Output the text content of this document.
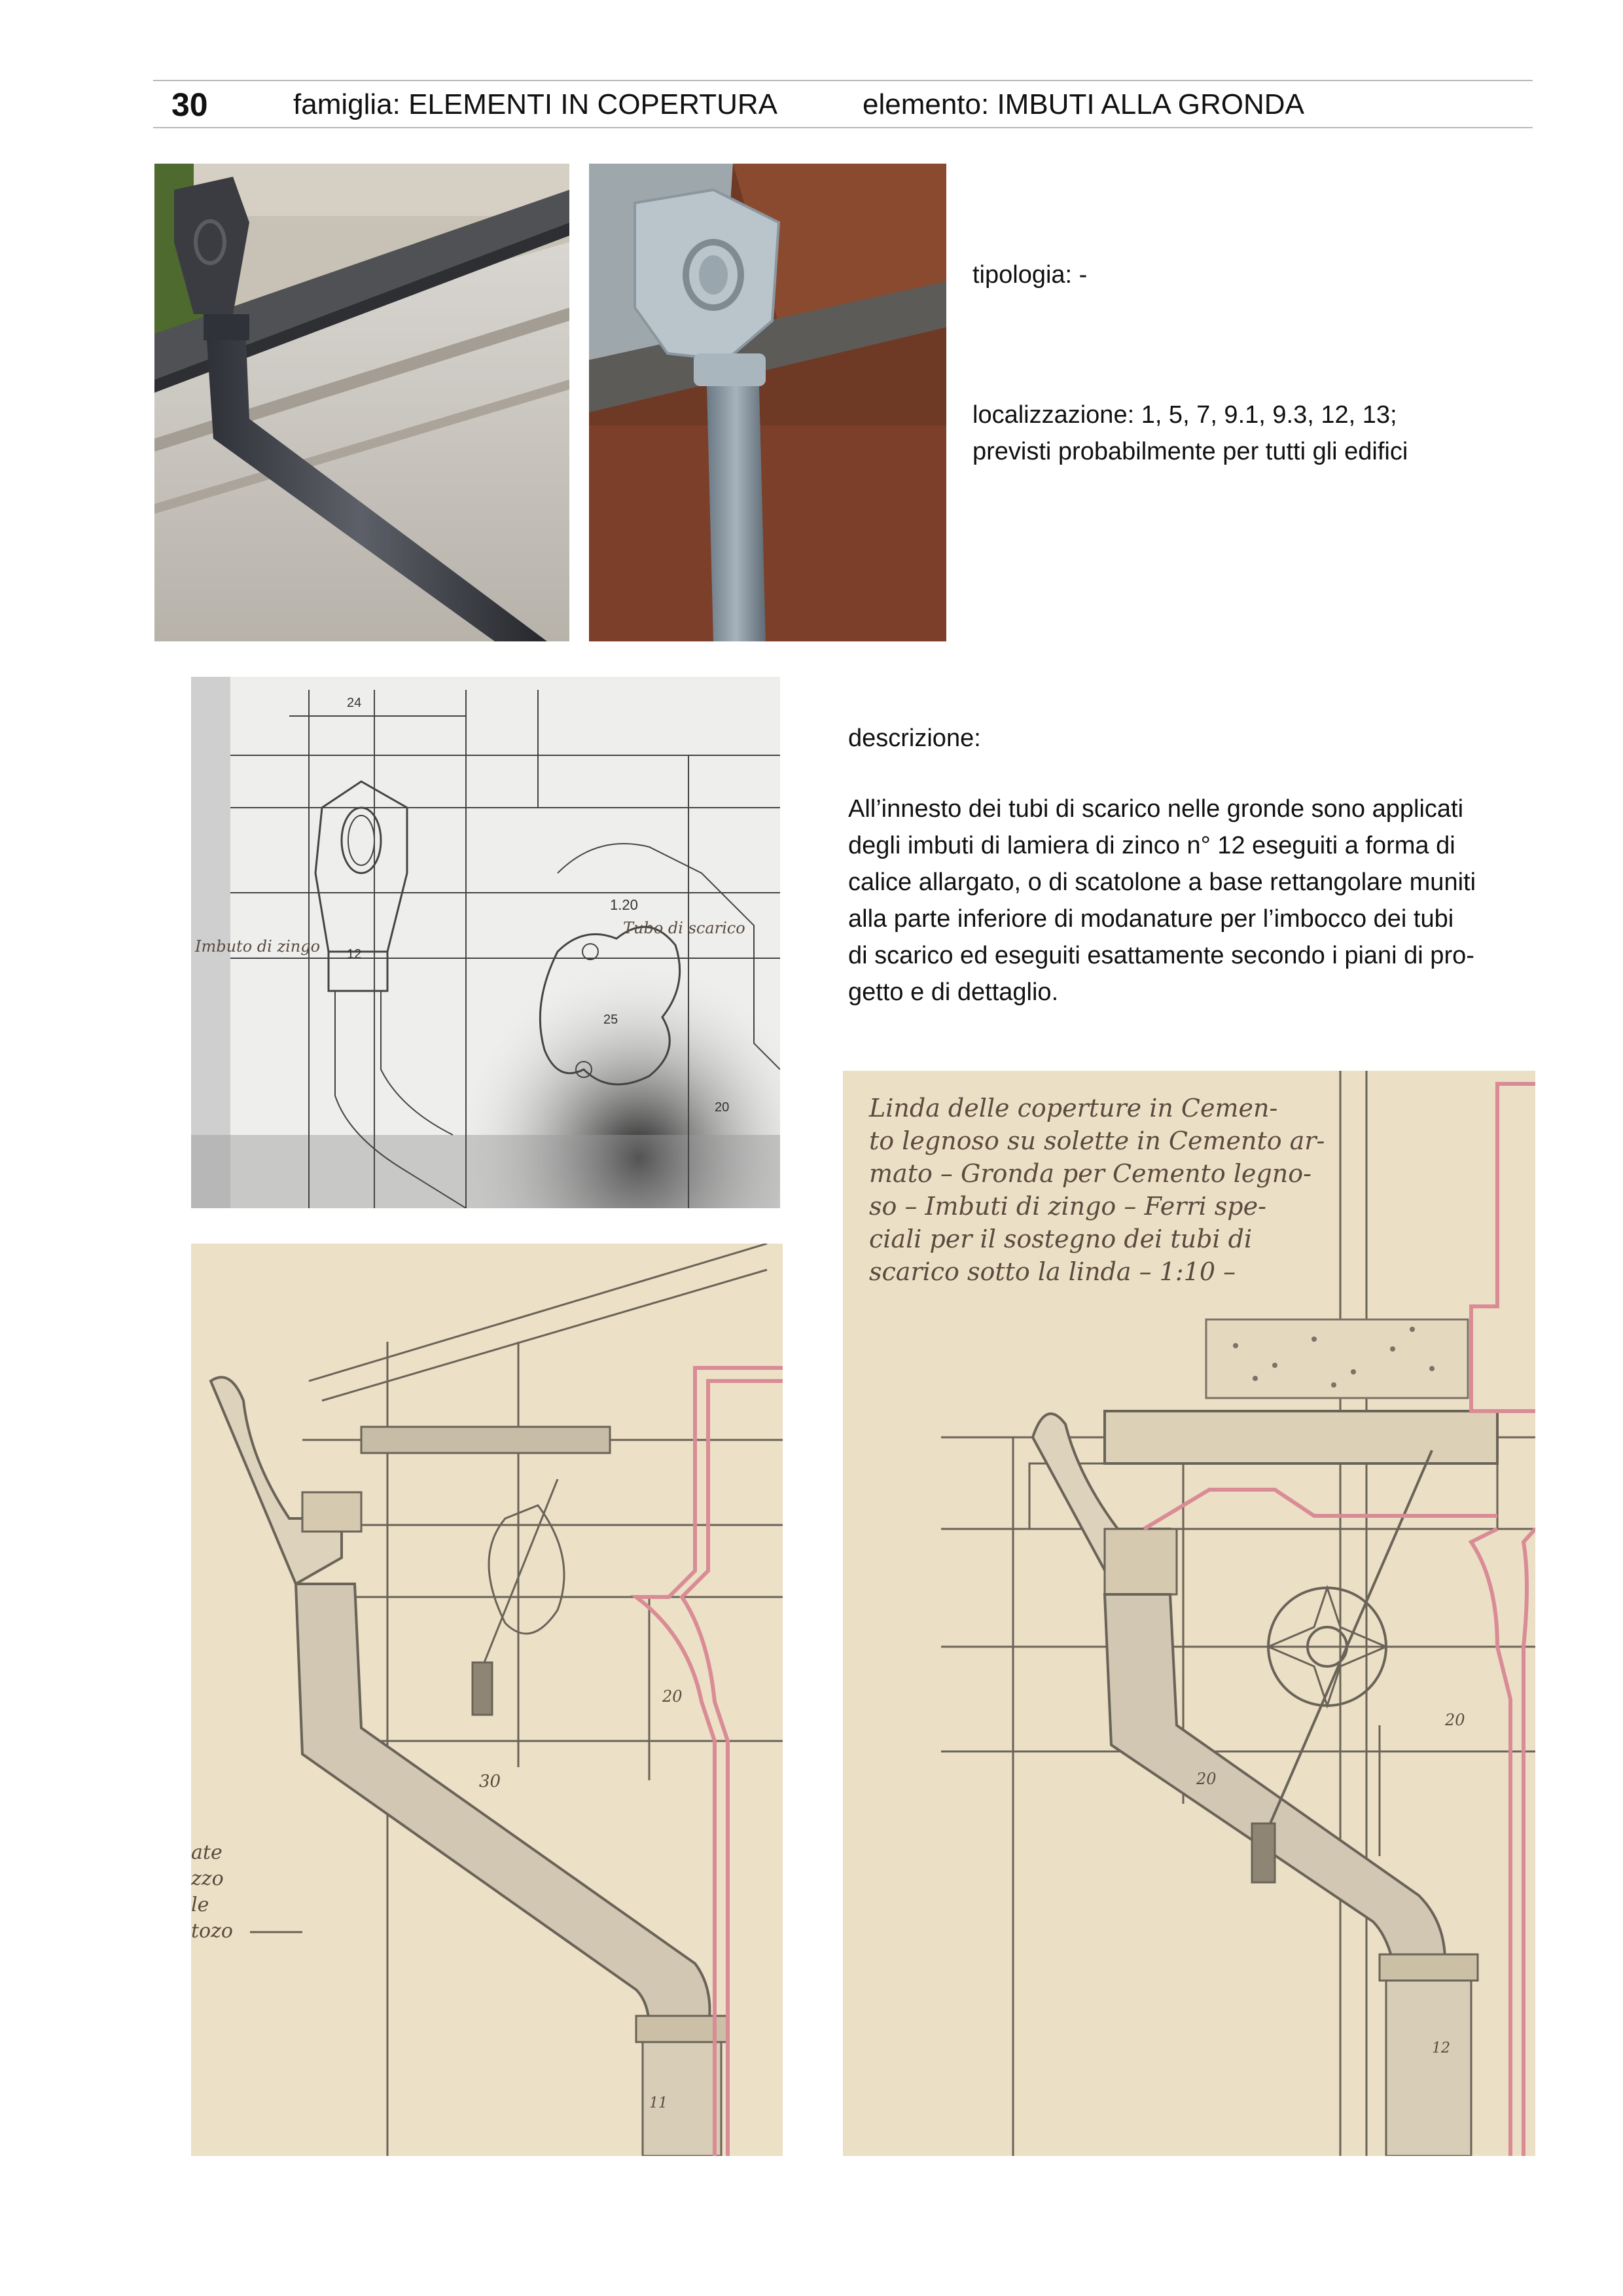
30	famiglia: ELEMENTI IN COPERTURA	elemento: IMBUTI ALLA GRONDA
tipologia: -
localizzazione: 1, 5, 7, 9.1, 9.3, 12, 13;
previsti probabilmente per tutti gli edifici
24
1.20
Tubo di scarico
Imbuto di zingo 12
25
20
descrizione:
All’innesto dei tubi di scarico nelle gronde sono applicati
degli imbuti di lamiera di zinco n° 12 eseguiti a forma di
calice allargato, o di scatolone a base rettangolare muniti
alla parte inferiore di modanature per l’imbocco dei tubi
di scarico ed eseguiti esattamente secondo i piani di pro-
getto e di dettaglio.
30
20
11
ate
zzo
le
tozo
Linda delle coperture in Cemen-
to legnoso su solette in Cemento ar-
mato – Gronda per Cemento legno-
so – Imbuti di zingo – Ferri spe-
ciali per il sostegno dei tubi di
scarico sotto la linda – 1:10 –
20
20
12
